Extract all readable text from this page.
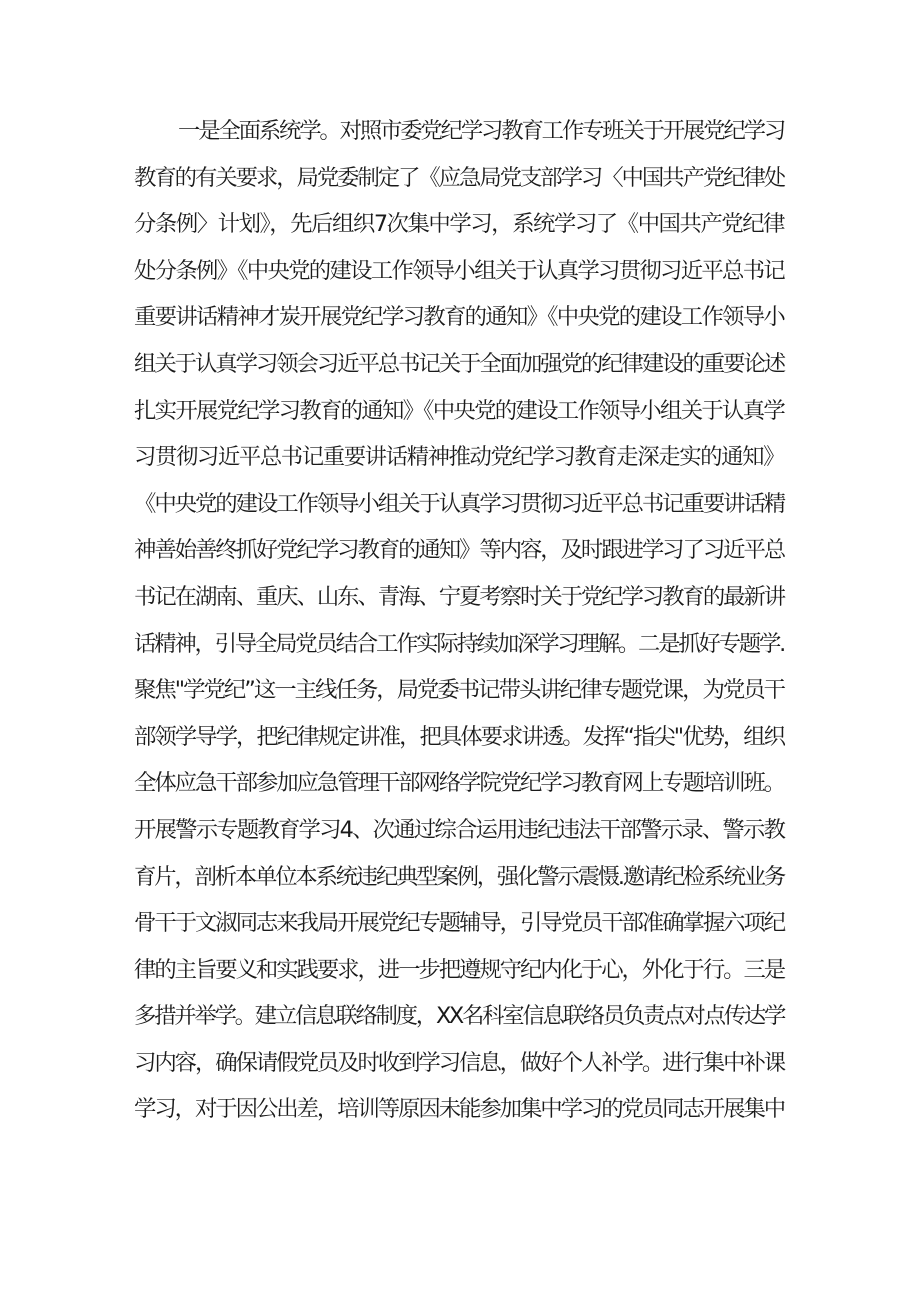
一是全面系统学。对照市委党纪学习教育工作专班关于开展党纪学习
教育的有关要求，局党委制定了《应急局党支部学习〈中国共产党纪律处
分条例〉计划》，先后组织7次集中学习，系统学习了《中国共产党纪律
处分条例》《中央党的建设工作领导小组关于认真学习贯彻习近平总书记
重要讲话精神才炭开展党纪学习教育的通知》《中央党的建设工作领导小
组关于认真学习领会习近平总书记关于全面加强党的纪律建设的重要论述
扎实开展党纪学习教育的通知》《中央党的建设工作领导小组关于认真学
习贯彻习近平总书记重要讲话精神推动党纪学习教育走深走实的通知》
《中央党的建设工作领导小组关于认真学习贯彻习近平总书记重要讲话精
神善始善终抓好党纪学习教育的通知》等内容，及时跟进学习了习近平总
书记在湖南、重庆、山东、青海、宁夏考察时关于党纪学习教育的最新讲
话精神，引导全局党员结合工作实际持续加深学习理解。二是抓好专题学.
聚焦"学党纪”这一主线任务，局党委书记带头讲纪律专题党课，为党员干
部领学导学，把纪律规定讲准，把具体要求讲透。发挥“指尖"优势，组织
全体应急干部参加应急管理干部网络学院党纪学习教育网上专题培训班。
开展警示专题教育学习4、次通过综合运用违纪违法干部警示录、警示教
育片，剖析本单位本系统违纪典型案例，强化警示震慑.邀请纪检系统业务
骨干于文淑同志来我局开展党纪专题辅导，引导党员干部准确掌握六项纪
律的主旨要义和实践要求，进一步把遵规守纪内化于心，外化于行。三是
多措并举学。建立信息联络制度，XX名科室信息联络员负责点对点传达学
习内容，确保请假党员及时收到学习信息，做好个人补学。进行集中补课
学习，对于因公出差，培训等原因未能参加集中学习的党员同志开展集中
